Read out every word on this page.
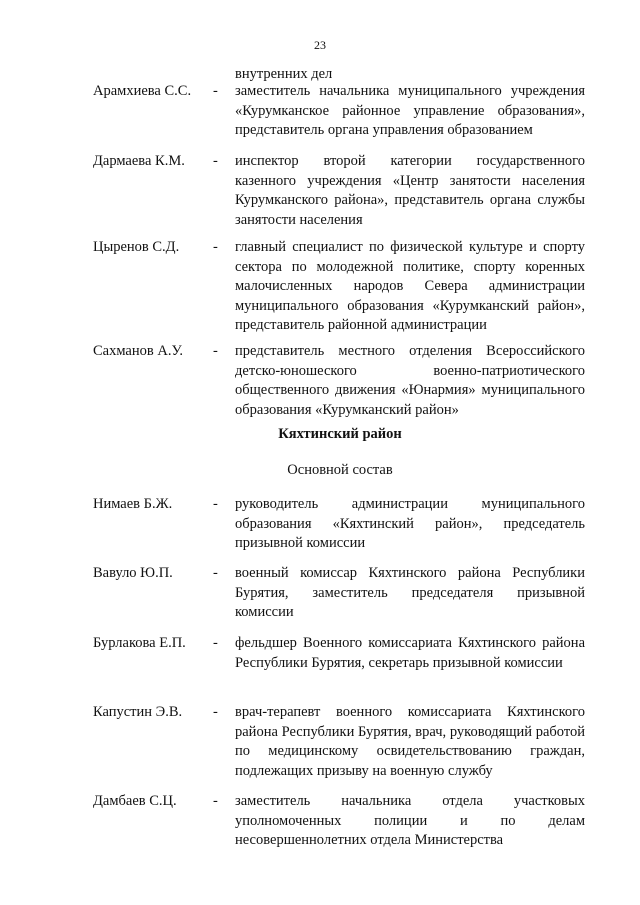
23
внутренних дел
Арамхиева С.С. - заместитель начальника муниципального учреждения «Курумканское районное управление образования», представитель органа управления образованием
Дармаева К.М. - инспектор второй категории государственного казенного учреждения «Центр занятости населения Курумканского района», представитель органа службы занятости населения
Цыренов С.Д. - главный специалист по физической культуре и спорту сектора по молодежной политике, спорту коренных малочисленных народов Севера администрации муниципального образования «Курумканский район», представитель районной администрации
Сахманов А.У. - представитель местного отделения Всероссийского детско-юношеского военно-патриотического общественного движения «Юнармия» муниципального образования «Курумканский район»
Кяхтинский район
Основной состав
Нимаев Б.Ж.	- руководитель администрации муниципального образования «Кяхтинский район», председатель призывной комиссии
Вавуло Ю.П.	- военный комиссар Кяхтинского района Республики Бурятия, заместитель председателя призывной комиссии
Бурлакова Е.П. - фельдшер Военного комиссариата Кяхтинского района Республики Бурятия, секретарь призывной комиссии
Капустин Э.В. - врач-терапевт военного комиссариата Кяхтинского района Республики Бурятия, врач, руководящий работой по медицинскому освидетельствованию граждан, подлежащих призыву на военную службу
Дамбаев С.Ц.	- заместитель начальника отдела участковых уполномоченных полиции и по делам несовершеннолетних отдела Министерства
